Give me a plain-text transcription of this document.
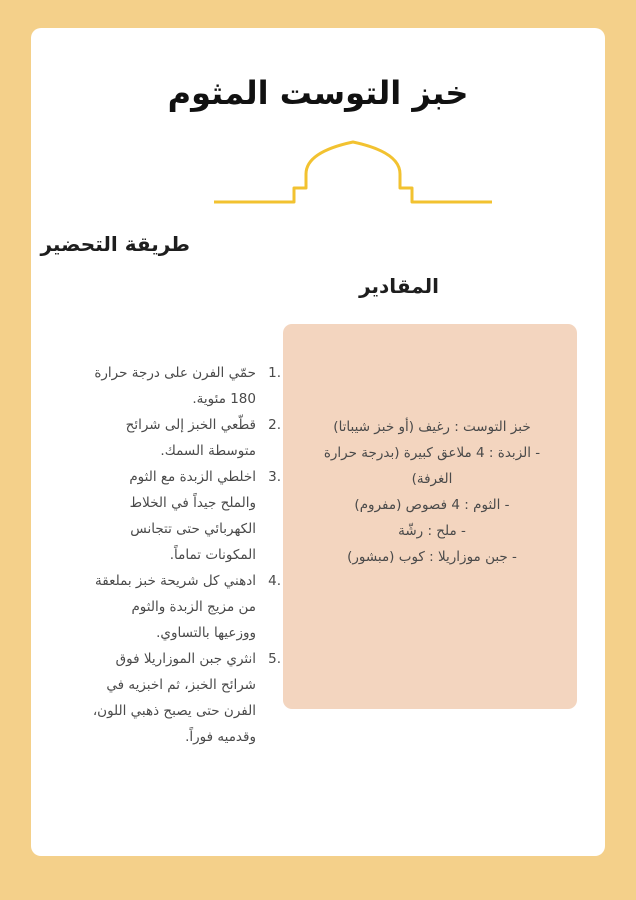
خبز التوست المثوم
طريقة التحضير
المقادير
1.
حمّي الفرن على درجة حرارة 180 مئوية.
2.
قطّعي الخبز إلى شرائح متوسطة السمك.
3.
اخلطي الزبدة مع الثوم والملح جيداً في الخلاط الكهربائي حتى تتجانس المكونات تماماً.
4.
ادهني كل شريحة خبز بملعقة من مزيج الزبدة والثوم ووزعيها بالتساوي.
5.
انثري جبن الموزاريلا فوق شرائح الخبز، ثم اخبزيه في الفرن حتى يصبح ذهبي اللون، وقدميه فوراً.
خبز التوست : رغيف (أو خبز شيباتا)
- الزبدة : 4 ملاعق كبيرة (بدرجة حرارة الغرفة)
- الثوم : 4 فصوص (مفروم)
- ملح : رشّة
- جبن موزاريلا : كوب (مبشور)
